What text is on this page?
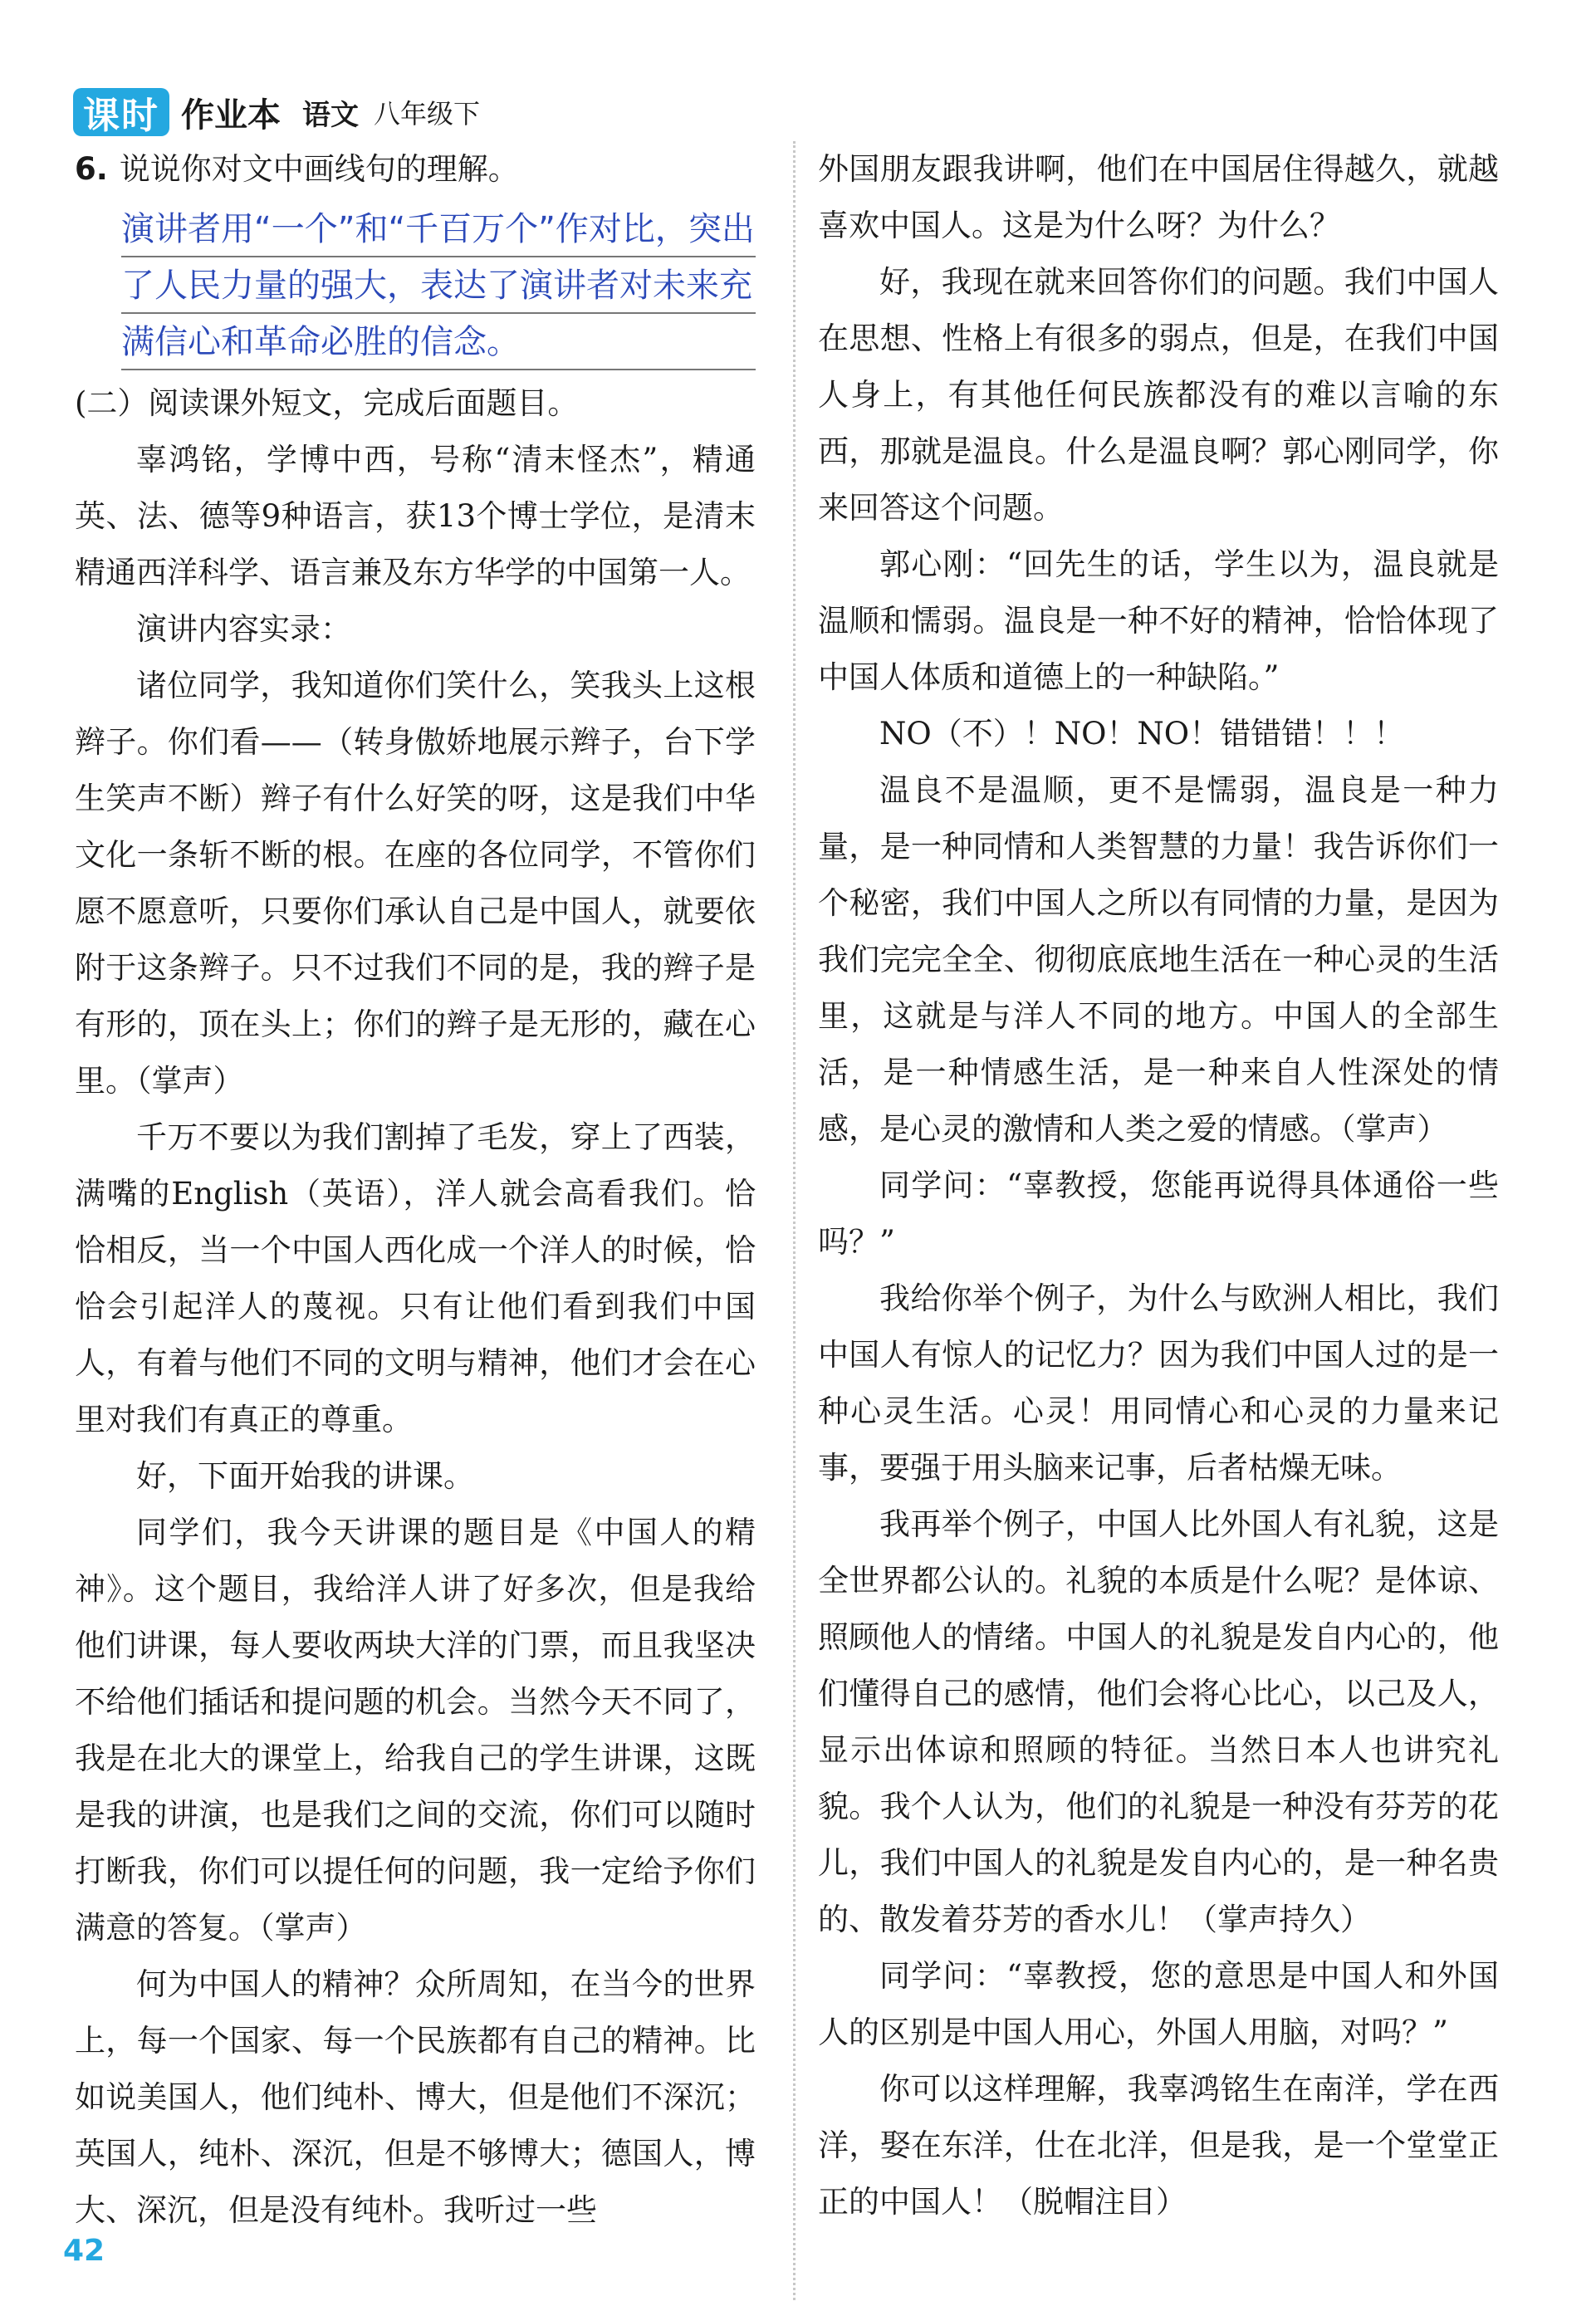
课时 作业本 语文 八年级下

6. 说说你对文中画线句的理解。

演讲者用“一个”和“千百万个”作对比，突出了人民力量的强大，表达了演讲者对未来充满信心和革命必胜的信念。

(二）阅读课外短文，完成后面题目。

辜鸿铭，学博中西，号称“清末怪杰”，精通英、法、德等9种语言，获13个博士学位，是清末精通西洋科学、语言兼及东方华学的中国第一人。

演讲内容实录：

诸位同学，我知道你们笑什么，笑我头上这根辫子。你们看——（转身傲娇地展示辫子，台下学生笑声不断）辫子有什么好笑的呀，这是我们中华文化一条斩不断的根。在座的各位同学，不管你们愿不愿意听，只要你们承认自己是中国人，就要依附于这条辫子。只不过我们不同的是，我的辫子是有形的，顶在头上；你们的辫子是无形的，藏在心里。（掌声）

千万不要以为我们割掉了毛发，穿上了西装，满嘴的English（英语），洋人就会高看我们。恰恰相反，当一个中国人西化成一个洋人的时候，恰恰会引起洋人的蔑视。只有让他们看到我们中国人，有着与他们不同的文明与精神，他们才会在心里对我们有真正的尊重。

好，下面开始我的讲课。

同学们，我今天讲课的题目是《中国人的精神》。这个题目，我给洋人讲了好多次，但是我给他们讲课，每人要收两块大洋的门票，而且我坚决不给他们插话和提问题的机会。当然今天不同了，我是在北大的课堂上，给我自己的学生讲课，这既是我的讲演，也是我们之间的交流，你们可以随时打断我，你们可以提任何的问题，我一定给予你们满意的答复。（掌声）

何为中国人的精神？众所周知，在当今的世界上，每一个国家、每一个民族都有自己的精神。比如说美国人，他们纯朴、博大，但是他们不深沉；英国人，纯朴、深沉，但是不够博大；德国人，博大、深沉，但是没有纯朴。我听过一些

外国朋友跟我讲啊，他们在中国居住得越久，就越喜欢中国人。这是为什么呀？为什么？

好，我现在就来回答你们的问题。我们中国人在思想、性格上有很多的弱点，但是，在我们中国人身上，有其他任何民族都没有的难以言喻的东西，那就是温良。什么是温良啊？郭心刚同学，你来回答这个问题。

郭心刚：“回先生的话，学生以为，温良就是温顺和懦弱。温良是一种不好的精神，恰恰体现了中国人体质和道德上的一种缺陷。”

NO（不）！NO！NO！错错错！！！

温良不是温顺，更不是懦弱，温良是一种力量，是一种同情和人类智慧的力量！我告诉你们一个秘密，我们中国人之所以有同情的力量，是因为我们完完全全、彻彻底底地生活在一种心灵的生活里，这就是与洋人不同的地方。中国人的全部生活，是一种情感生活，是一种来自人性深处的情感，是心灵的激情和人类之爱的情感。（掌声）

同学问：“辜教授，您能再说得具体通俗一些吗？”

我给你举个例子，为什么与欧洲人相比，我们中国人有惊人的记忆力？因为我们中国人过的是一种心灵生活。心灵！用同情心和心灵的力量来记事，要强于用头脑来记事，后者枯燥无味。

我再举个例子，中国人比外国人有礼貌，这是全世界都公认的。礼貌的本质是什么呢？是体谅、照顾他人的情绪。中国人的礼貌是发自内心的，他们懂得自己的感情，他们会将心比心，以己及人，显示出体谅和照顾的特征。当然日本人也讲究礼貌。我个人认为，他们的礼貌是一种没有芬芳的花儿，我们中国人的礼貌是发自内心的，是一种名贵的、散发着芬芳的香水儿！（掌声持久）

同学问：“辜教授，您的意思是中国人和外国人的区别是中国人用心，外国人用脑，对吗？”

你可以这样理解，我辜鸿铭生在南洋，学在西洋，娶在东洋，仕在北洋，但是我，是一个堂堂正正的中国人！（脱帽注目）

42
